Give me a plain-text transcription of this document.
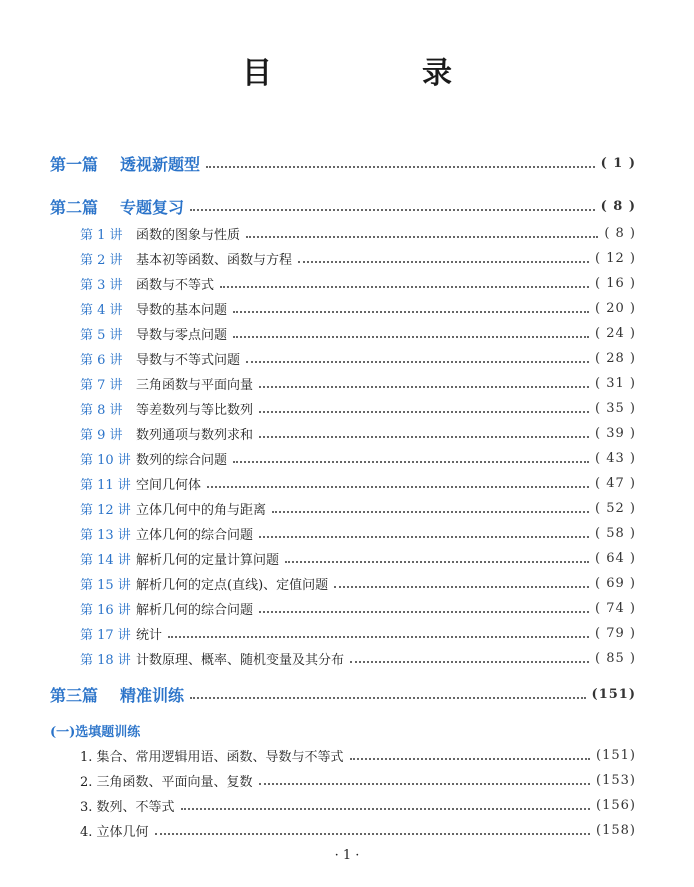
目　录
第一篇	透视新题型	( 1 )
第二篇	专题复习	( 8 )
第 1 讲	函数的图象与性质	( 8 )
第 2 讲	基本初等函数、函数与方程	( 12 )
第 3 讲	函数与不等式	( 16 )
第 4 讲	导数的基本问题	( 20 )
第 5 讲	导数与零点问题	( 24 )
第 6 讲	导数与不等式问题	( 28 )
第 7 讲	三角函数与平面向量	( 31 )
第 8 讲	等差数列与等比数列	( 35 )
第 9 讲	数列通项与数列求和	( 39 )
第 10 讲 数列的综合问题	( 43 )
第 11 讲 空间几何体	( 47 )
第 12 讲 立体几何中的角与距离	( 52 )
第 13 讲 立体几何的综合问题	( 58 )
第 14 讲 解析几何的定量计算问题	( 64 )
第 15 讲 解析几何的定点(直线)、定值问题	( 69 )
第 16 讲 解析几何的综合问题	( 74 )
第 17 讲 统计	( 79 )
第 18 讲 计数原理、概率、随机变量及其分布	( 85 )
第三篇	精准训练	(151)
(一)选填题训练
1. 集合、常用逻辑用语、函数、导数与不等式	(151)
2. 三角函数、平面向量、复数	(153)
3. 数列、不等式	(156)
4. 立体几何	(158)
· 1 ·
